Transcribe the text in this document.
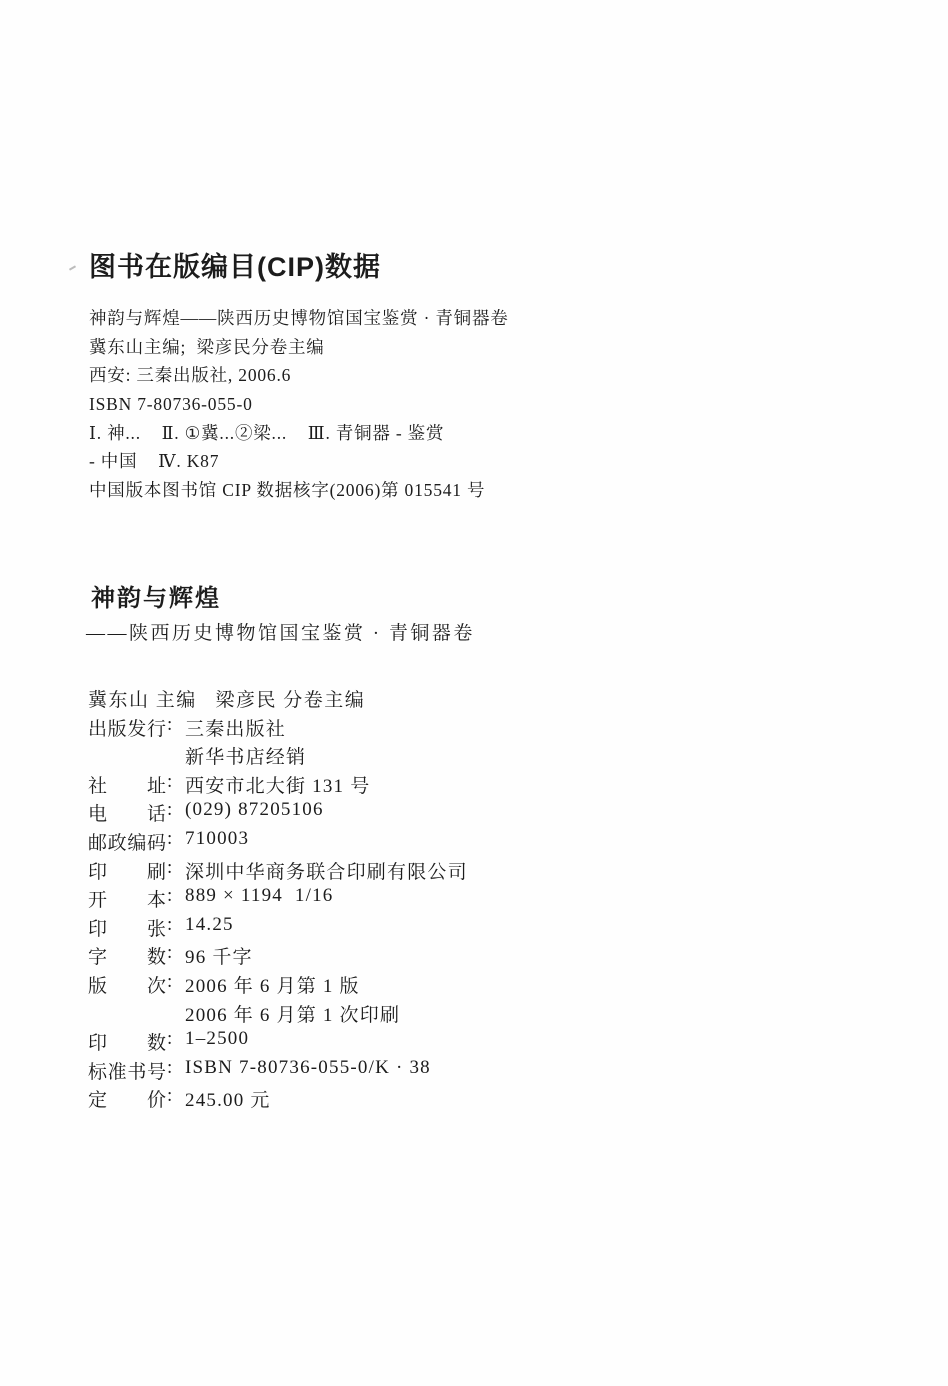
图书在版编目(CIP)数据
神韵与辉煌——陕西历史博物馆国宝鉴赏 · 青铜器卷
冀东山主编;  梁彦民分卷主编
西安: 三秦出版社, 2006.6
ISBN 7-80736-055-0
Ⅰ. 神...    Ⅱ. ①冀...②梁...    Ⅲ. 青铜器 - 鉴赏
- 中国    Ⅳ. K87
中国版本图书馆 CIP 数据核字(2006)第 015541 号
神韵与辉煌
——陕西历史博物馆国宝鉴赏 · 青铜器卷
冀东山 主编   梁彦民 分卷主编
出版发行 : 三秦出版社
新华书店经销
社 址 : 西安市北大街 131 号
电 话 : (029) 87205106
邮政编码 : 710003
印 刷 : 深圳中华商务联合印刷有限公司
开 本 : 889 × 1194  1/16
印 张 : 14.25
字 数 : 96 千字
版 次 : 2006 年 6 月第 1 版
2006 年 6 月第 1 次印刷
印 数 : 1–2500
标准书号 : ISBN 7-80736-055-0/K · 38
定 价 : 245.00 元
